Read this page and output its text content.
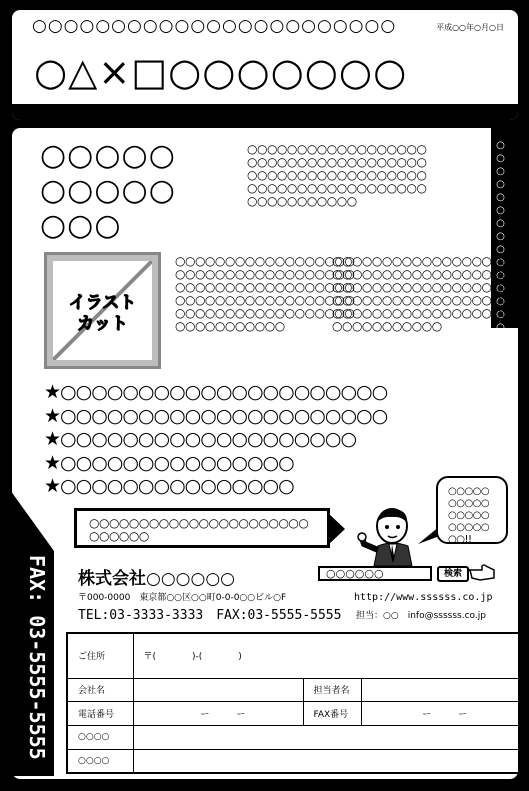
○○○○○○○○○○○○○○○○○○○○○○○	平成○○年○月○日
○△×□○○○○○○○
○○○○○○○○○○○○○○○
○○○○○
○○○○○
○○○
○○○○○○○○○○○○○○○○○○
○○○○○○○○○○○○○○○○○○
○○○○○○○○○○○○○○○○○○
○○○○○○○○○○○○○○○○○○
○○○○○○○○○○○
イラスト
カット
○○○○○○○○○○○○○○○○○○
○○○○○○○○○○○○○○○○○○
○○○○○○○○○○○○○○○○○○
○○○○○○○○○○○○○○○○○○
○○○○○○○○○○○○○○○○○○
○○○○○○○○○○○
○○○○○○○○○○○○○○○○○○
○○○○○○○○○○○○○○○○○○
○○○○○○○○○○○○○○○○○○
○○○○○○○○○○○○○○○○○○
○○○○○○○○○○○○○○○○○○
○○○○○○○○○○○
★○○○○○○○○○○○○○○○○○○○○○
★○○○○○○○○○○○○○○○○○○○○○
★○○○○○○○○○○○○○○○○○○○
★○○○○○○○○○○○○○○○
★○○○○○○○○○○○○○○○
FAX: 03-5555-5555
○○○○○○○○○○○○○○○○○○○○○○
○○○○○○
○○○○○
○○○○○
○○○○○
○○○○○
○○!!
株式会社○○○○○○
〒000-0000　東京都○○区○○町0-0-0○○ビル○F
TEL:03-3333-3333　FAX:03-5555-5555
○○○○○○	検索
http://www.ssssss.co.jp
担当：○○　info@ssssss.co.jp
ご住所	〒(　　　　)-(　　　　)		
会社名		担当者名	
電話番号	ー　　　ー	FAX番号	ー　　　ー
○○○○			
○○○○			
